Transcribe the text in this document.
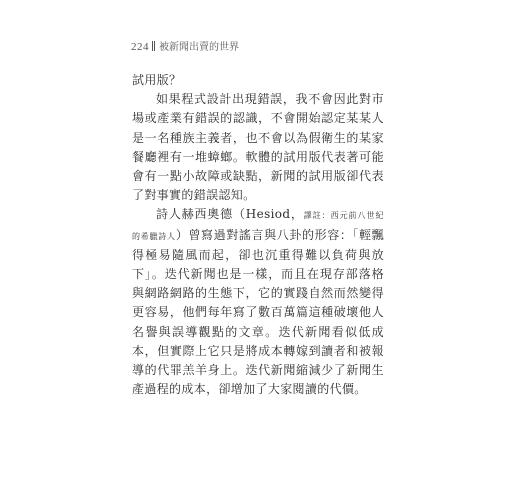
224 被新聞出賣的世界

試用版？

如果程式設計出現錯誤，我不會因此對市場或產業有錯誤的認識，不會開始認定某某人是一名種族主義者，也不會以為假衛生的某家餐廳裡有一堆蟑螂。軟體的試用版代表著可能會有一點小故障或缺點，新聞的試用版卻代表了對事實的錯誤認知。

詩人赫西奧德（Hesiod，譯註：西元前八世紀的希臘詩人）曾寫過對謠言與八卦的形容：「輕飄得極易隨風而起，卻也沉重得難以負荷與放下」。迭代新聞也是一樣，而且在現存部落格與網路網路的生態下，它的實踐自然而然變得更容易，他們每年寫了數百萬篇這種破壞他人名譽與誤導觀點的文章。迭代新聞看似低成本，但實際上它只是將成本轉嫁到讀者和被報導的代罪羔羊身上。迭代新聞縮減少了新聞生產過程的成本，卻增加了大家閱讀的代價。
